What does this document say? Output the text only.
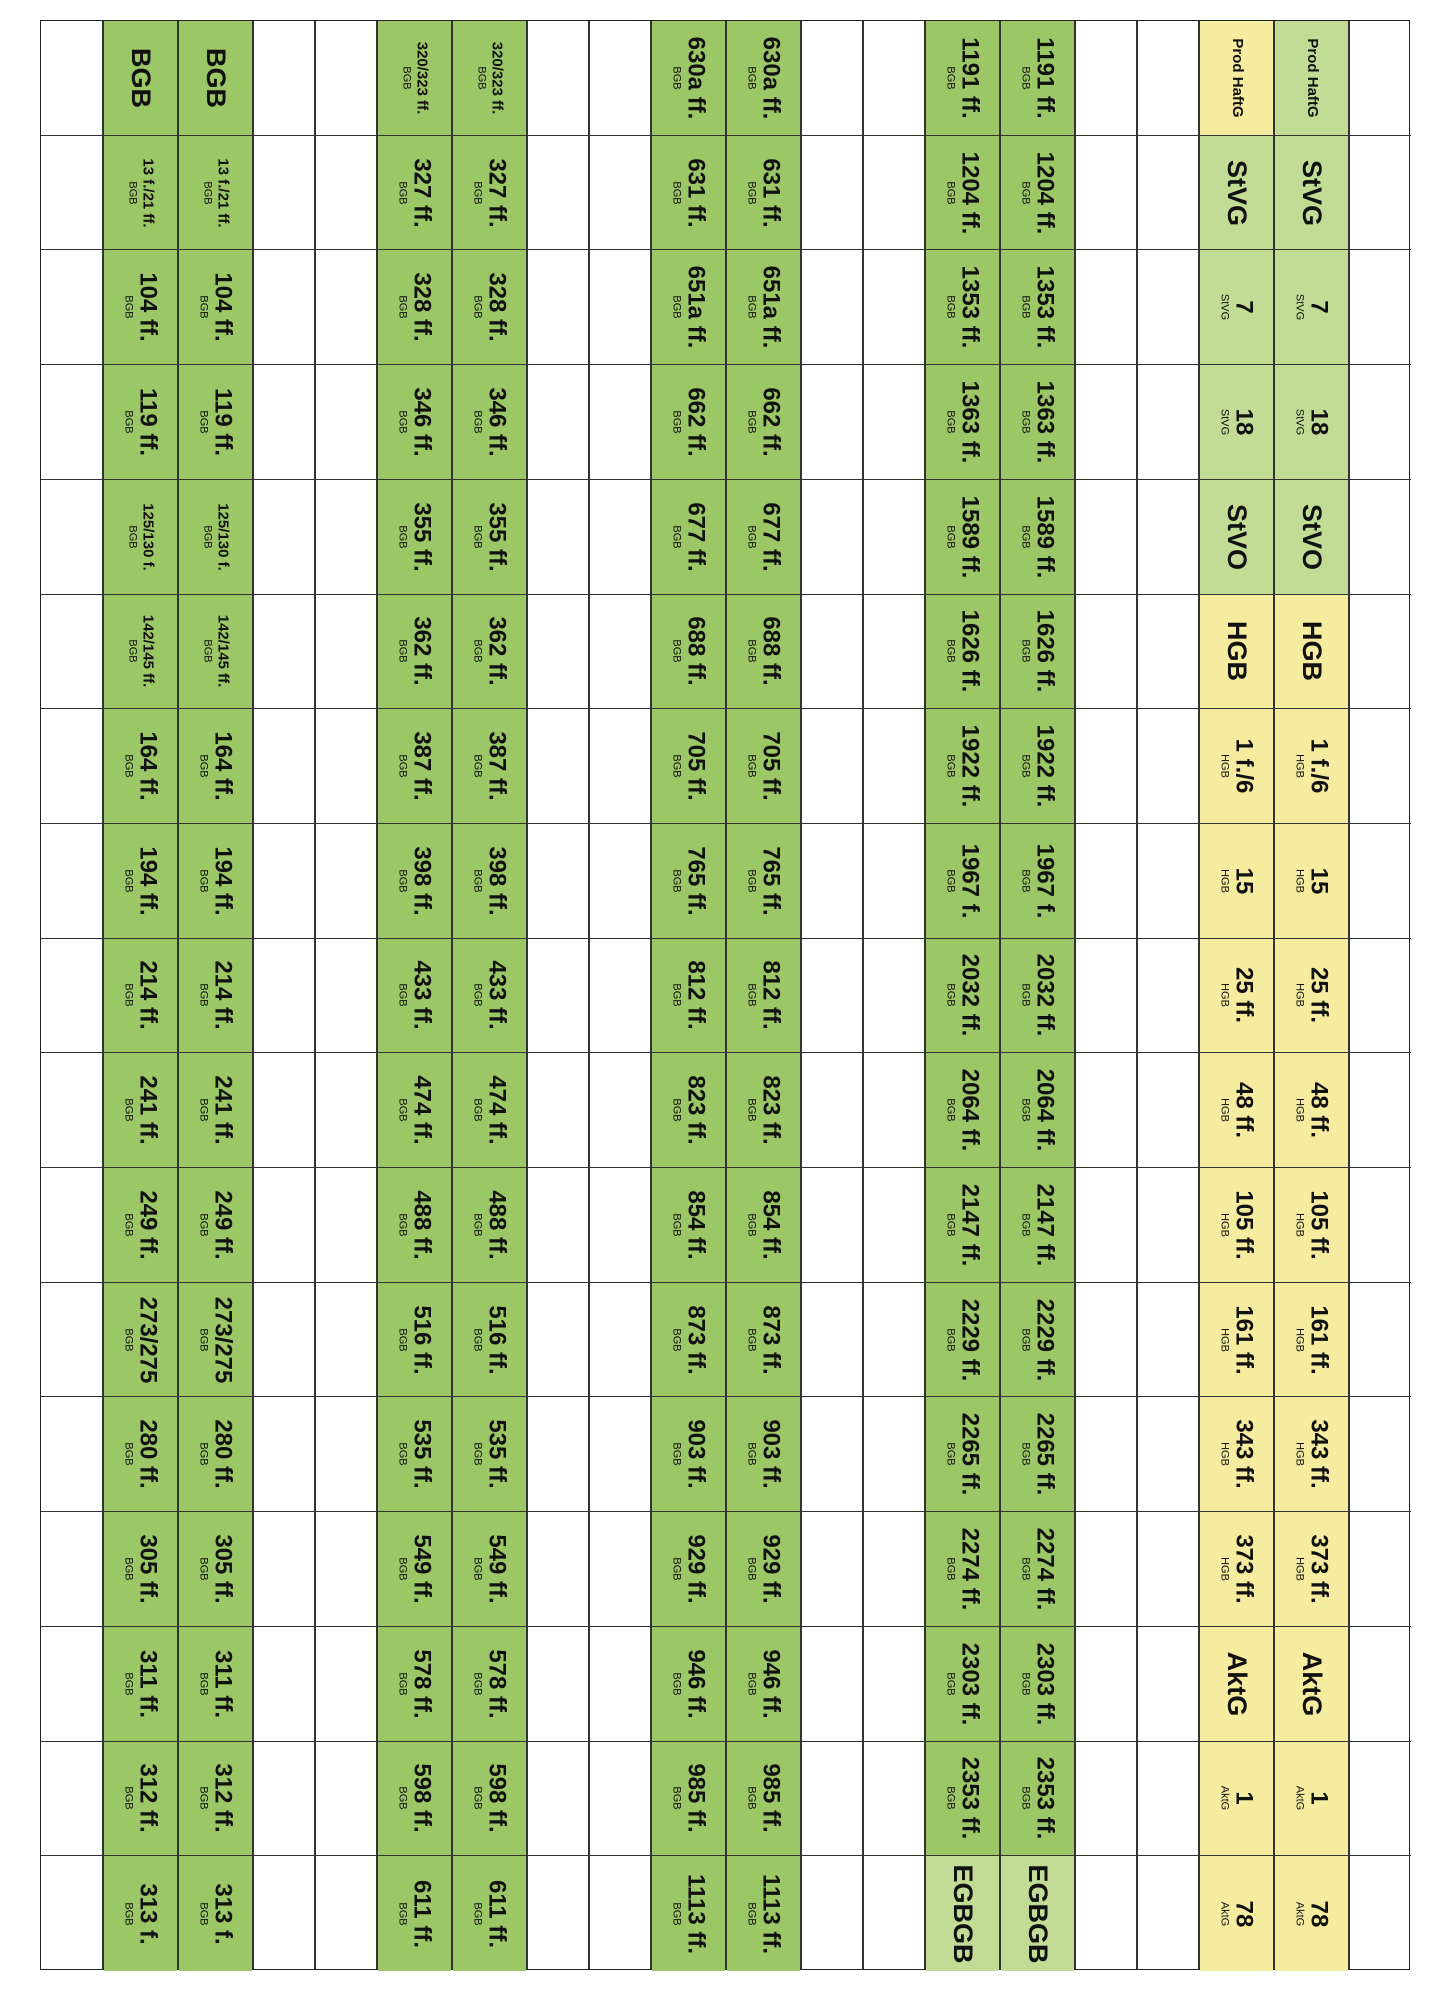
BGB
13 f./21 ff.
BGB
104 ff.
BGB
119 ff.
BGB
125/130 f.
BGB
142/145 ff.
BGB
164 ff.
BGB
194 ff.
BGB
214 ff.
BGB
241 ff.
BGB
249 ff.
BGB
273/275
BGB
280 ff.
BGB
305 ff.
BGB
311 ff.
BGB
312 ff.
BGB
313 f.
BGB
BGB
13 f./21 ff.
BGB
104 ff.
BGB
119 ff.
BGB
125/130 f.
BGB
142/145 ff.
BGB
164 ff.
BGB
194 ff.
BGB
214 ff.
BGB
241 ff.
BGB
249 ff.
BGB
273/275
BGB
280 ff.
BGB
305 ff.
BGB
311 ff.
BGB
312 ff.
BGB
313 f.
BGB
320/323 ff.
BGB
327 ff.
BGB
328 ff.
BGB
346 ff.
BGB
355 ff.
BGB
362 ff.
BGB
387 ff.
BGB
398 ff.
BGB
433 ff.
BGB
474 ff.
BGB
488 ff.
BGB
516 ff.
BGB
535 ff.
BGB
549 ff.
BGB
578 ff.
BGB
598 ff.
BGB
611 ff.
BGB
320/323 ff.
BGB
327 ff.
BGB
328 ff.
BGB
346 ff.
BGB
355 ff.
BGB
362 ff.
BGB
387 ff.
BGB
398 ff.
BGB
433 ff.
BGB
474 ff.
BGB
488 ff.
BGB
516 ff.
BGB
535 ff.
BGB
549 ff.
BGB
578 ff.
BGB
598 ff.
BGB
611 ff.
BGB
630a ff.
BGB
631 ff.
BGB
651a ff.
BGB
662 ff.
BGB
677 ff.
BGB
688 ff.
BGB
705 ff.
BGB
765 ff.
BGB
812 ff.
BGB
823 ff.
BGB
854 ff.
BGB
873 ff.
BGB
903 ff.
BGB
929 ff.
BGB
946 ff.
BGB
985 ff.
BGB
1113 ff.
BGB
630a ff.
BGB
631 ff.
BGB
651a ff.
BGB
662 ff.
BGB
677 ff.
BGB
688 ff.
BGB
705 ff.
BGB
765 ff.
BGB
812 ff.
BGB
823 ff.
BGB
854 ff.
BGB
873 ff.
BGB
903 ff.
BGB
929 ff.
BGB
946 ff.
BGB
985 ff.
BGB
1113 ff.
BGB
1191 ff.
BGB
1204 ff.
BGB
1353 ff.
BGB
1363 ff.
BGB
1589 ff.
BGB
1626 ff.
BGB
1922 ff.
BGB
1967 f.
BGB
2032 ff.
BGB
2064 ff.
BGB
2147 ff.
BGB
2229 ff.
BGB
2265 ff.
BGB
2274 ff.
BGB
2303 ff.
BGB
2353 ff.
BGB
EGBGB
1191 ff.
BGB
1204 ff.
BGB
1353 ff.
BGB
1363 ff.
BGB
1589 ff.
BGB
1626 ff.
BGB
1922 ff.
BGB
1967 f.
BGB
2032 ff.
BGB
2064 ff.
BGB
2147 ff.
BGB
2229 ff.
BGB
2265 ff.
BGB
2274 ff.
BGB
2303 ff.
BGB
2353 ff.
BGB
EGBGB
Prod HaftG
StVG
7
StVG
18
StVG
StVO
HGB
1 f./6
HGB
15
HGB
25 ff.
HGB
48 ff.
HGB
105 ff.
HGB
161 ff.
HGB
343 ff.
HGB
373 ff.
HGB
AktG
1
AktG
78
AktG
Prod HaftG
StVG
7
StVG
18
StVG
StVO
HGB
1 f./6
HGB
15
HGB
25 ff.
HGB
48 ff.
HGB
105 ff.
HGB
161 ff.
HGB
343 ff.
HGB
373 ff.
HGB
AktG
1
AktG
78
AktG
